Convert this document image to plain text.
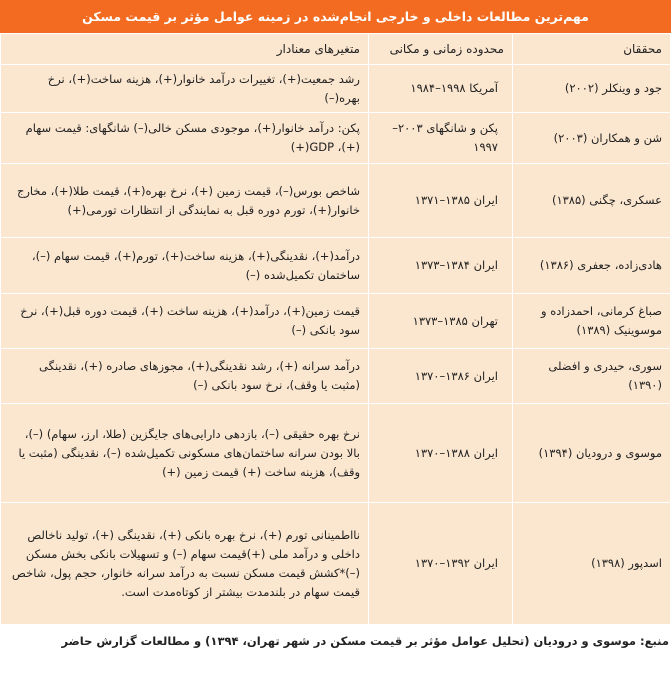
مهم‌ترین مطالعات داخلی و خارجی انجام‌شده در زمینه عوامل مؤثر بر قیمت مسکن
محققان	محدوده زمانی و مکانی	متغیرهای معنادار
جود و وینکلر (۲۰۰۲)	آمریکا ۱۹۹۸–۱۹۸۴	رشد جمعیت(+)، تغییرات درآمد خانوار(+)، هزینه ساخت(+)، نرخ بهره(–)
شن و همکاران (۲۰۰۳)	پکن و شانگهای ۲۰۰۳–۱۹۹۷	پکن: درآمد خانوار(+)، موجودی مسکن خالی(–) شانگهای: قیمت سهام (+)، GDP(+)
عسکری، چگنی (۱۳۸۵)	ایران ۱۳۸۵–۱۳۷۱	شاخص بورس(–)، قیمت زمین (+)، نرخ بهره(+)، قیمت طلا(+)، مخارج خانوار(+)، تورم دوره قبل به نمایندگی از انتظارات تورمی(+)
هادی‌زاده، جعفری (۱۳۸۶)	ایران ۱۳۸۴–۱۳۷۳	درآمد(+)، نقدینگی(+)، هزینه ساخت(+)، تورم(+)، قیمت سهام (–)، ساختمان تکمیل‌شده (–)
صباغ کرمانی، احمدزاده و موسوینیک (۱۳۸۹)	تهران ۱۳۸۵–۱۳۷۳	قیمت زمین(+)، درآمد(+)، هزینه ساخت (+)، قیمت دوره قبل(+)، نرخ سود بانکی (–)
سوری، حیدری و افضلی (۱۳۹۰)	ایران ۱۳۸۶–۱۳۷۰	درآمد سرانه (+)، رشد نقدینگی(+)، مجوزهای صادره (+)، نقدینگی (مثبت یا وقف)، نرخ سود بانکی (–)
موسوی و درودیان (۱۳۹۴)	ایران ۱۳۸۸–۱۳۷۰	نرخ بهره حقیقی (–)، بازدهی دارایی‌های جایگزین (طلا، ارز، سهام) (–)، بالا بودن سرانه ساختمان‌های مسکونی تکمیل‌شده (–)، نقدینگی (مثبت یا وقف)، هزینه ساخت (+) قیمت زمین (+)
اسدپور (۱۳۹۸)	ایران ۱۳۹۲–۱۳۷۰	نااطمینانی تورم (+)، نرخ بهره بانکی (+)، نقدینگی (+)، تولید ناخالص داخلی و درآمد ملی (+)قیمت سهام (–) و تسهیلات بانکی بخش مسکن (–)*کشش قیمت مسکن نسبت به درآمد سرانه خانوار، حجم پول، شاخص قیمت سهام در بلندمدت بیشتر از کوتاه‌مدت است.
منبع: موسوی و درودیان (تحلیل عوامل مؤثر بر قیمت مسکن در شهر تهران، ۱۳۹۴) و مطالعات گزارش حاضر
